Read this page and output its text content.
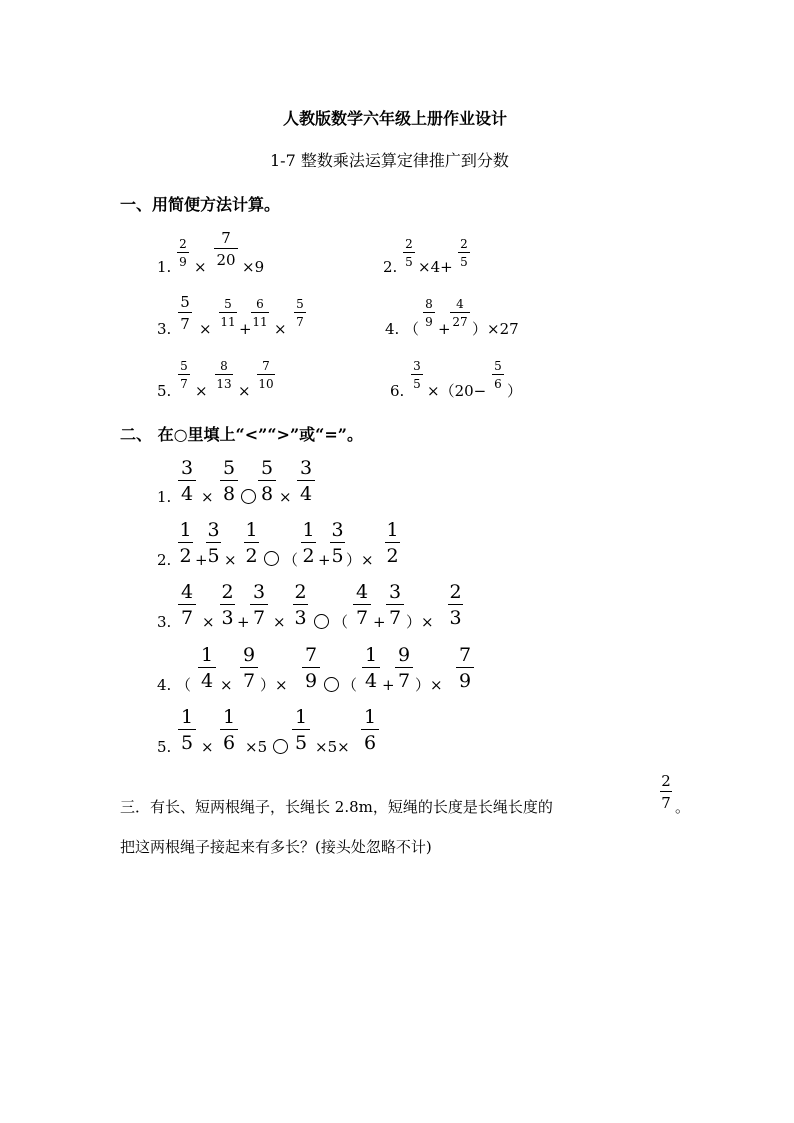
人教版数学六年级上册作业设计
1-7 整数乘法运算定律推广到分数
一、用简便方法计算。
1.
2
9 ×
7
20 ×9	2.
2
5 ×4+
2
5
3.
5
7 ×
5
11 +
6
11 ×
5
7	4. （
8
9 +
4
27 ）×27
5.
5
7 ×
8
13 ×
7
10	6.
3
5 ×（20−
5
6 ）
二、 在○里填上“<”“>”或“=”。
1.
3
4 ×
5
8
5
8 ×
3
4
2.
1
2 +
3
5 ×
1
2 （
1
2 +
3
5 ）×
1
2
3.
4
7 ×
2
3 +
3
7 ×
2
3 （
4
7 +
3
7 ）×
2
3
4. （
1
4 ×
9
7 ）×
7
9 （
1
4 +
9
7 ）×
7
9
5.
1
5 ×
1
6 ×5
1
5 ×5×
1
6
三．有长、短两根绳子，长绳长 2.8m，短绳的长度是长绳长度的
2
7 。
把这两根绳子接起来有多长？(接头处忽略不计)
